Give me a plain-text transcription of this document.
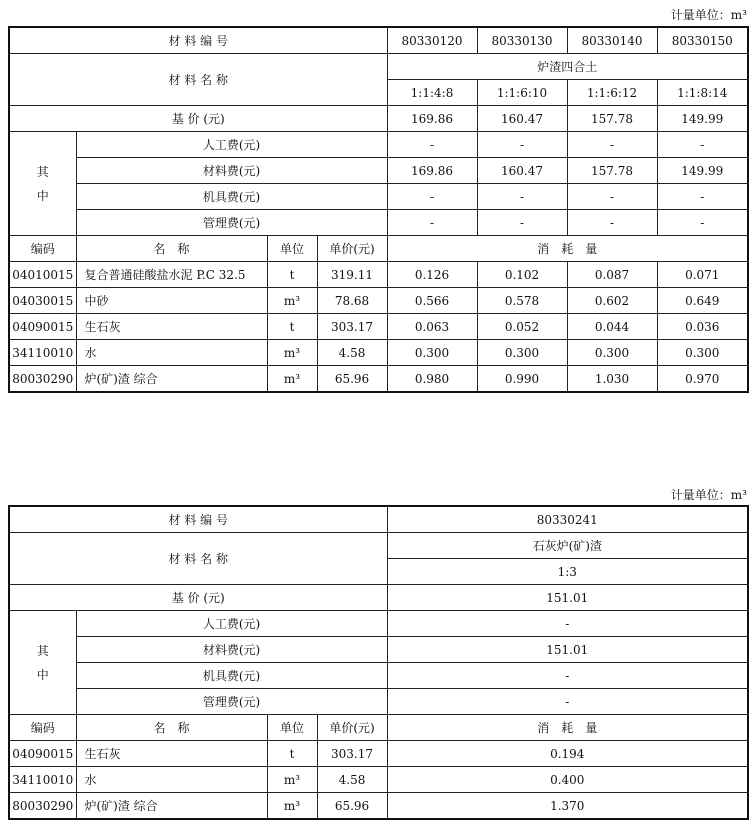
计量单位：m³
材 料 编 号				80330120	80330130	80330140	80330150
材 料 名 称				炉渣四合土			
				1:1:4:8	1:1:6:10	1:1:6:12	1:1:8:14
基 价 (元)				169.86	160.47	157.78	149.99
其
中	人工费(元)			-	-	-	-
	材料费(元)			169.86	160.47	157.78	149.99
	机具费(元)			-	-	-	-
	管理费(元)			-	-	-	-
编码	名　称	单位	单价(元)	消　耗　量			
04010015	复合普通硅酸盐水泥 P.C 32.5	t	319.11	0.126	0.102	0.087	0.071
04030015	中砂	m³	78.68	0.566	0.578	0.602	0.649
04090015	生石灰	t	303.17	0.063	0.052	0.044	0.036
34110010	水	m³	4.58	0.300	0.300	0.300	0.300
80030290	炉(矿)渣 综合	m³	65.96	0.980	0.990	1.030	0.970
计量单位：m³
材 料 编 号				80330241
材 料 名 称				石灰炉(矿)渣
				1:3
基 价 (元)				151.01
其
中	人工费(元)			-
	材料费(元)			151.01
	机具费(元)			-
	管理费(元)			-
编码	名　称	单位	单价(元)	消　耗　量
04090015	生石灰	t	303.17	0.194
34110010	水	m³	4.58	0.400
80030290	炉(矿)渣 综合	m³	65.96	1.370
